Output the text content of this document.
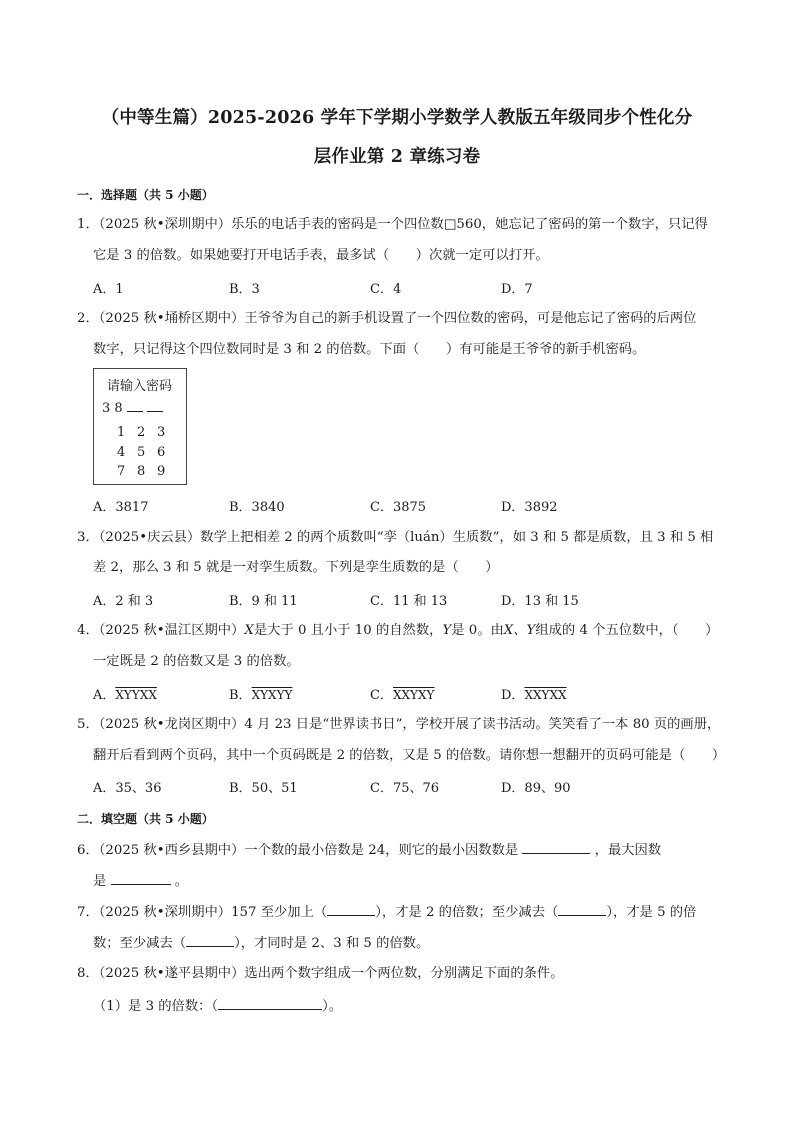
（中等生篇）2025-2026 学年下学期小学数学人教版五年级同步个性化分
层作业第 2 章练习卷
一．选择题（共 5 小题）
1．（2025 秋•深圳期中）乐乐的电话手表的密码是一个四位数□560，她忘记了密码的第一个数字，只记得
它是 3 的倍数。如果她要打开电话手表，最多试（　　）次就一定可以打开。
A．1	B．3	C．4	D．7
2．（2025 秋•埇桥区期中）王爷爷为自己的新手机设置了一个四位数的密码，可是他忘记了密码的后两位
数字，只记得这个四位数同时是 3 和 2 的倍数。下面（　　）有可能是王爷爷的新手机密码。
请输入密码
3 8
1 2 3
4 5 6
7 8 9
A．3817	B．3840	C．3875	D．3892
3．（2025•庆云县）数学上把相差 2 的两个质数叫“孪（luán）生质数”，如 3 和 5 都是质数，且 3 和 5 相
差 2，那么 3 和 5 就是一对孪生质数。下列是孪生质数的是（　　）
A．2 和 3	B．9 和 11	C．11 和 13	D．13 和 15
4．（2025 秋•温江区期中）X是大于 0 且小于 10 的自然数，Y是 0。由X、Y组成的 4 个五位数中，（　　）
一定既是 2 的倍数又是 3 的倍数。
A．XYYXX	B．XYXYY	C．XXYXY	D．XXYXX
5．（2025 秋•龙岗区期中）4 月 23 日是“世界读书日”，学校开展了读书活动。笑笑看了一本 80 页的画册，
翻开后看到两个页码，其中一个页码既是 2 的倍数，又是 5 的倍数。请你想一想翻开的页码可能是（　　）
A．35、36	B．50、51	C．75、76	D．89、90
二．填空题（共 5 小题）
6．（2025 秋•西乡县期中）一个数的最小倍数是 24，则它的最小因数数是	，最大因数
是	。
7．（2025 秋•深圳期中）157 至少加上（	），才是 2 的倍数；至少减去（	），才是 5 的倍
数；至少减去（	），才同时是 2、3 和 5 的倍数。
8．（2025 秋•遂平县期中）选出两个数字组成一个两位数，分别满足下面的条件。
（1）是 3 的倍数：（	）。
